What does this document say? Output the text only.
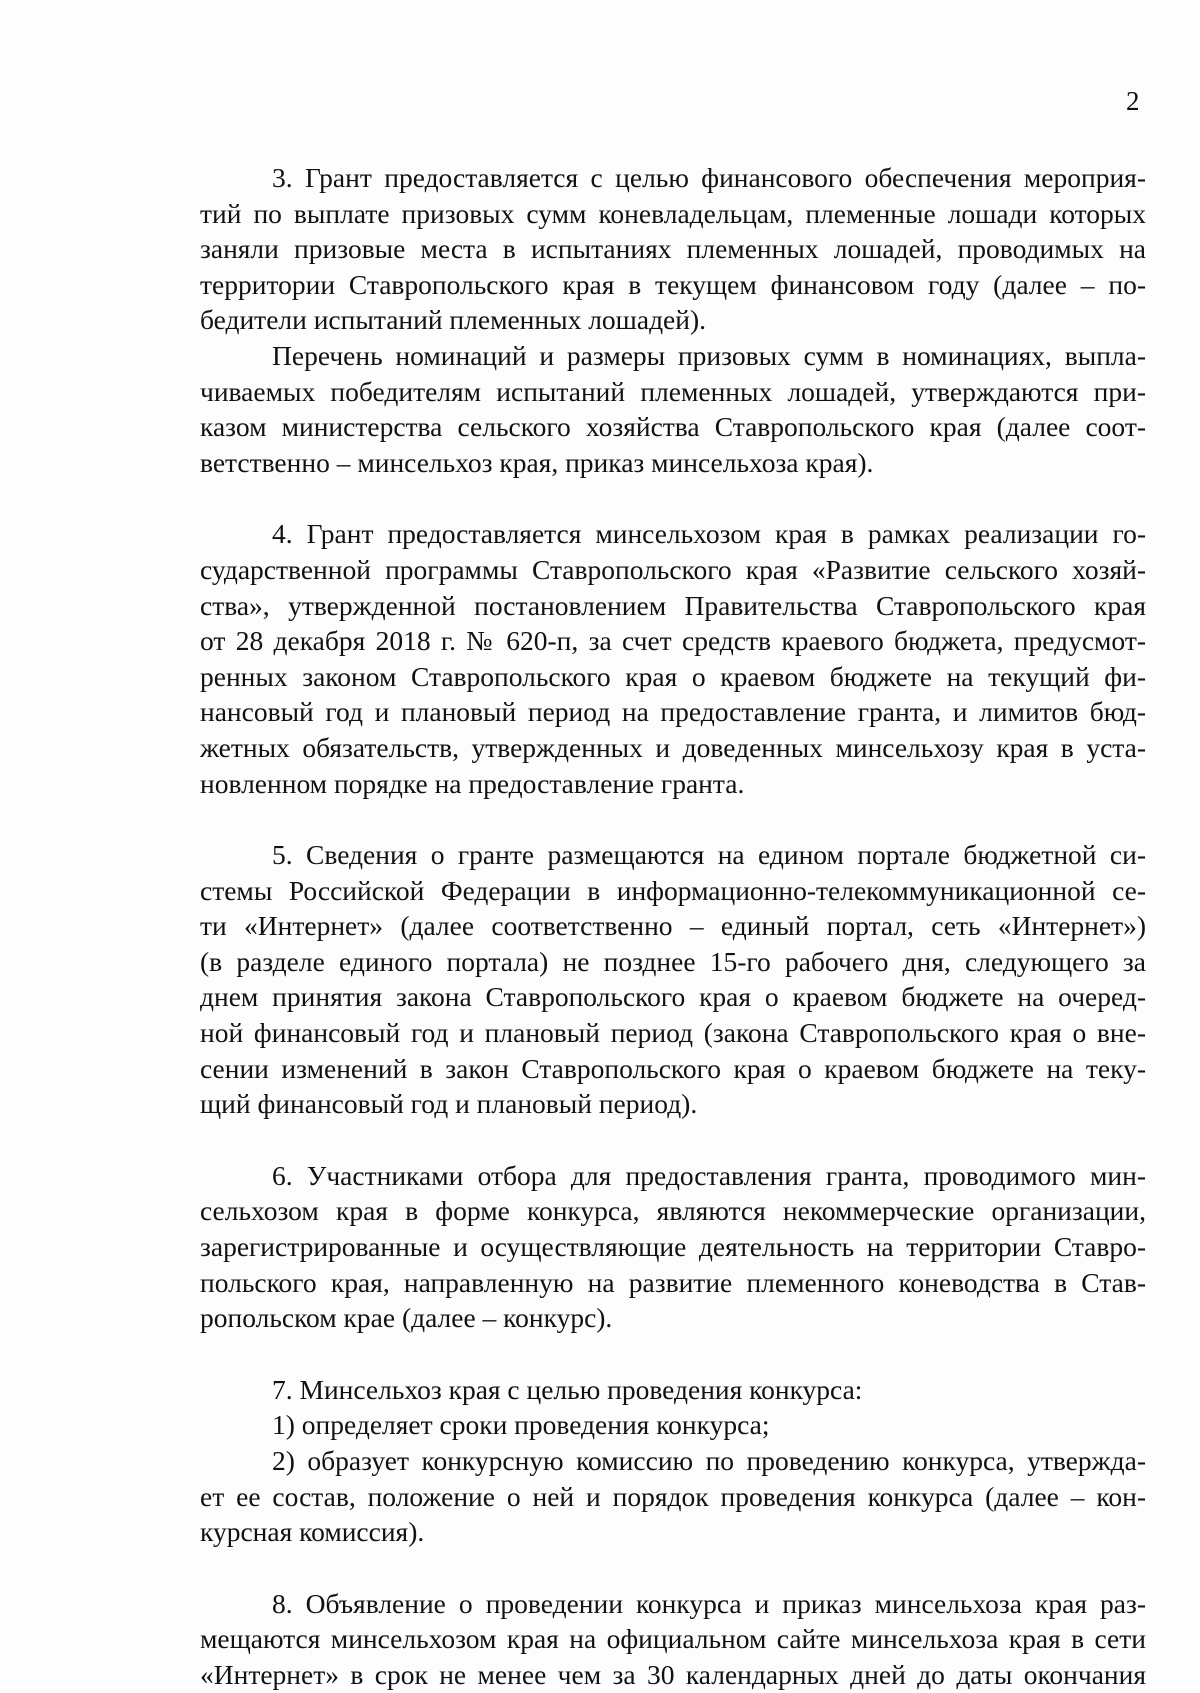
2
3. Грант предоставляется с целью финансового обеспечения мероприя-
тий по выплате призовых сумм коневладельцам, племенные лошади которых
заняли призовые места в испытаниях племенных лошадей, проводимых на
территории Ставропольского края в текущем финансовом году (далее – по-
бедители испытаний племенных лошадей).
Перечень номинаций и размеры призовых сумм в номинациях, выпла-
чиваемых победителям испытаний племенных лошадей, утверждаются при-
казом министерства сельского хозяйства Ставропольского края (далее соот-
ветственно – минсельхоз края, приказ минсельхоза края).
4. Грант предоставляется минсельхозом края в рамках реализации го-
сударственной программы Ставропольского края «Развитие сельского хозяй-
ства», утвержденной постановлением Правительства Ставропольского края
от 28 декабря 2018 г. № 620-п, за счет средств краевого бюджета, предусмот-
ренных законом Ставропольского края о краевом бюджете на текущий фи-
нансовый год и плановый период на предоставление гранта, и лимитов бюд-
жетных обязательств, утвержденных и доведенных минсельхозу края в уста-
новленном порядке на предоставление гранта.
5. Сведения о гранте размещаются на едином портале бюджетной си-
стемы Российской Федерации в информационно-телекоммуникационной се-
ти «Интернет» (далее соответственно – единый портал, сеть «Интернет»)
(в разделе единого портала) не позднее 15-го рабочего дня, следующего за
днем принятия закона Ставропольского края о краевом бюджете на очеред-
ной финансовый год и плановый период (закона Ставропольского края о вне-
сении изменений в закон Ставропольского края о краевом бюджете на теку-
щий финансовый год и плановый период).
6. Участниками отбора для предоставления гранта, проводимого мин-
сельхозом края в форме конкурса, являются некоммерческие организации,
зарегистрированные и осуществляющие деятельность на территории Ставро-
польского края, направленную на развитие племенного коневодства в Став-
ропольском крае (далее – конкурс).
7. Минсельхоз края с целью проведения конкурса:
1) определяет сроки проведения конкурса;
2) образует конкурсную комиссию по проведению конкурса, утвержда-
ет ее состав, положение о ней и порядок проведения конкурса (далее – кон-
курсная комиссия).
8. Объявление о проведении конкурса и приказ минсельхоза края раз-
мещаются минсельхозом края на официальном сайте минсельхоза края в сети
«Интернет» в срок не менее чем за 30 календарных дней до даты окончания
